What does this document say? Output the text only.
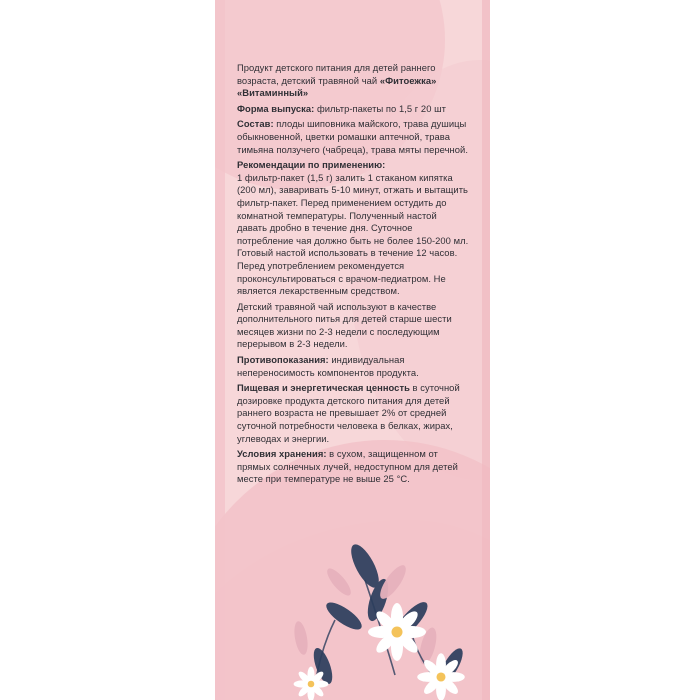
Продукт детского питания для детей раннего возраста, детский травяной чай «Фитоежка» «Витаминный»

Форма выпуска: фильтр-пакеты по 1,5 г 20 шт

Состав: плоды шиповника майского, трава душицы обыкновенной, цветки ромашки аптечной, трава тимьяна ползучего (чабреца), трава мяты перечной.

Рекомендации по применению:

1 фильтр-пакет (1,5 г) залить 1 стаканом кипятка (200 мл), заваривать 5-10 минут, отжать и вытащить фильтр-пакет. Перед применением остудить до комнатной температуры. Полученный настой давать дробно в течение дня. Суточное потребление чая должно быть не более 150-200 мл. Готовый настой использовать в течение 12 часов. Перед употреблением рекомендуется проконсультироваться с врачом-педиатром. Не является лекарственным средством.

Детский травяной чай используют в качестве дополнительного питья для детей старше шести месяцев жизни по 2-3 недели с последующим перерывом в 2-3 недели.

Противопоказания: индивидуальная непереносимость компонентов продукта.

Пищевая и энергетическая ценность в суточной дозировке продукта детского питания для детей раннего возраста не превышает 2% от средней суточной потребности человека в белках, жирах, углеводах и энергии.

Условия хранения: в сухом, защищенном от прямых солнечных лучей, недоступном для детей месте при температуре не выше 25 °С.
